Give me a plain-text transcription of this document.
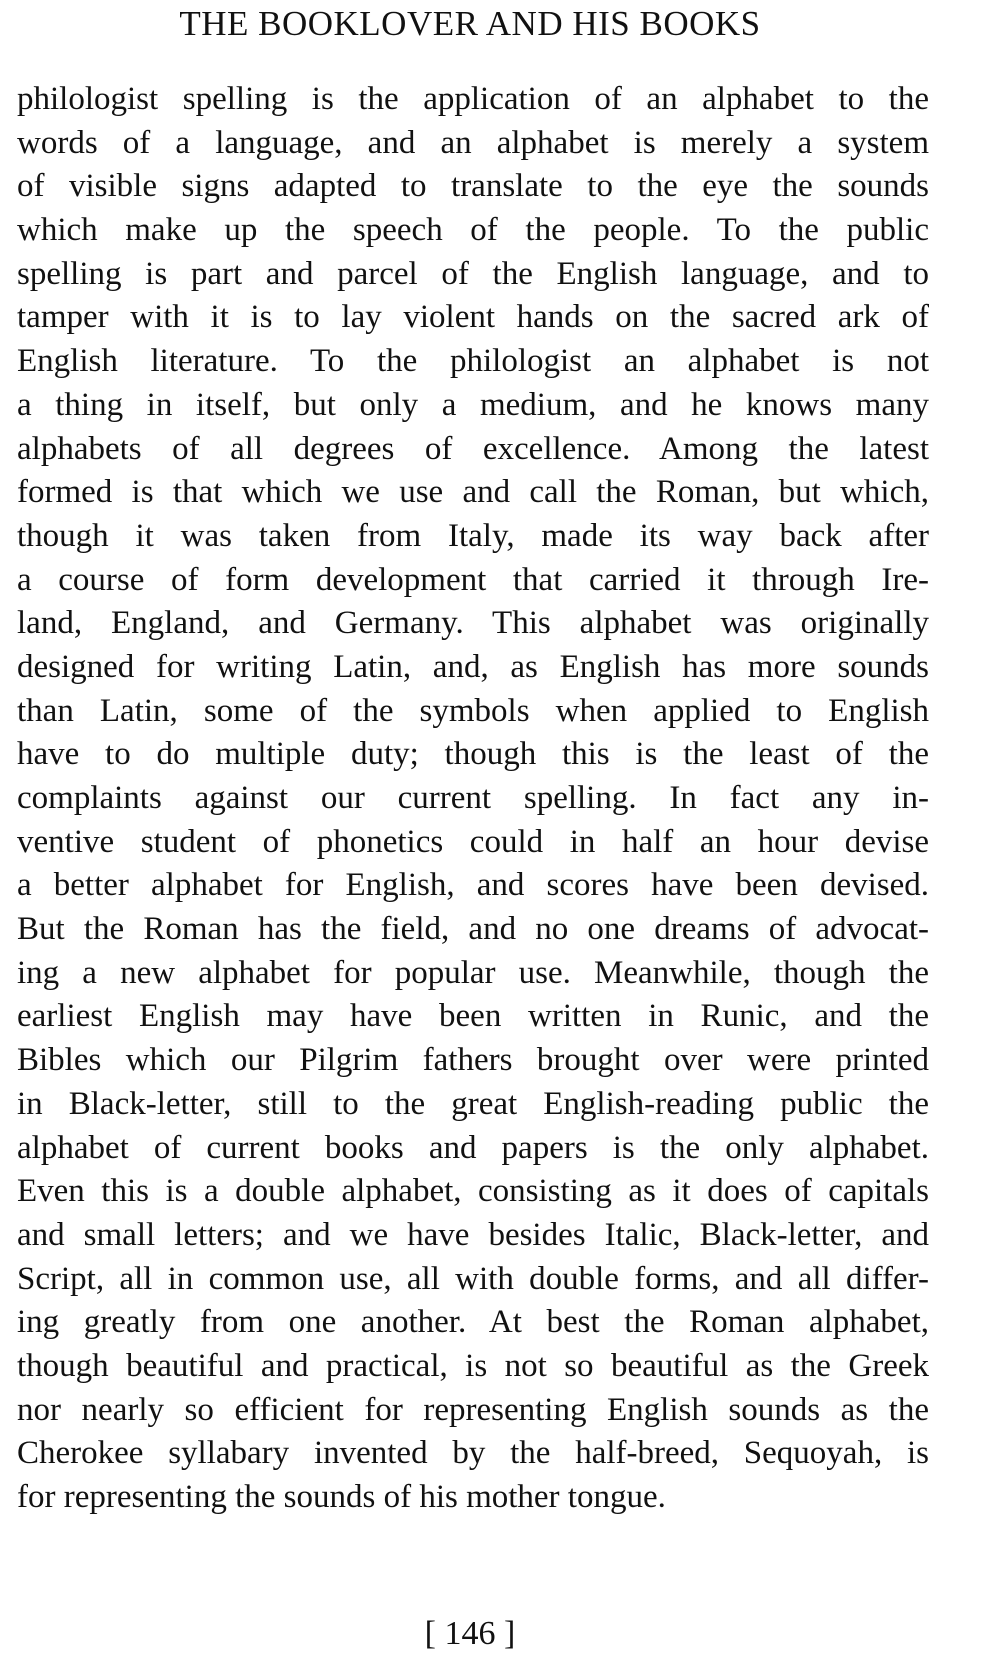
THE BOOKLOVER AND HIS BOOKS
philologist spelling is the application of an alphabet to the
words of a language, and an alphabet is merely a system
of visible signs adapted to translate to the eye the sounds
which make up the speech of the people. To the public
spelling is part and parcel of the English language, and to
tamper with it is to lay violent hands on the sacred ark of
English literature. To the philologist an alphabet is not
a thing in itself, but only a medium, and he knows many
alphabets of all degrees of excellence. Among the latest
formed is that which we use and call the Roman, but which,
though it was taken from Italy, made its way back after
a course of form development that carried it through Ire-
land, England, and Germany. This alphabet was originally
designed for writing Latin, and, as English has more sounds
than Latin, some of the symbols when applied to English
have to do multiple duty; though this is the least of the
complaints against our current spelling. In fact any in-
ventive student of phonetics could in half an hour devise
a better alphabet for English, and scores have been devised.
But the Roman has the field, and no one dreams of advocat-
ing a new alphabet for popular use. Meanwhile, though the
earliest English may have been written in Runic, and the
Bibles which our Pilgrim fathers brought over were printed
in Black-letter, still to the great English-reading public the
alphabet of current books and papers is the only alphabet.
Even this is a double alphabet, consisting as it does of capitals
and small letters; and we have besides Italic, Black-letter, and
Script, all in common use, all with double forms, and all differ-
ing greatly from one another. At best the Roman alphabet,
though beautiful and practical, is not so beautiful as the Greek
nor nearly so efficient for representing English sounds as the
Cherokee syllabary invented by the half-breed, Sequoyah, is
for representing the sounds of his mother tongue.
[ 146 ]
